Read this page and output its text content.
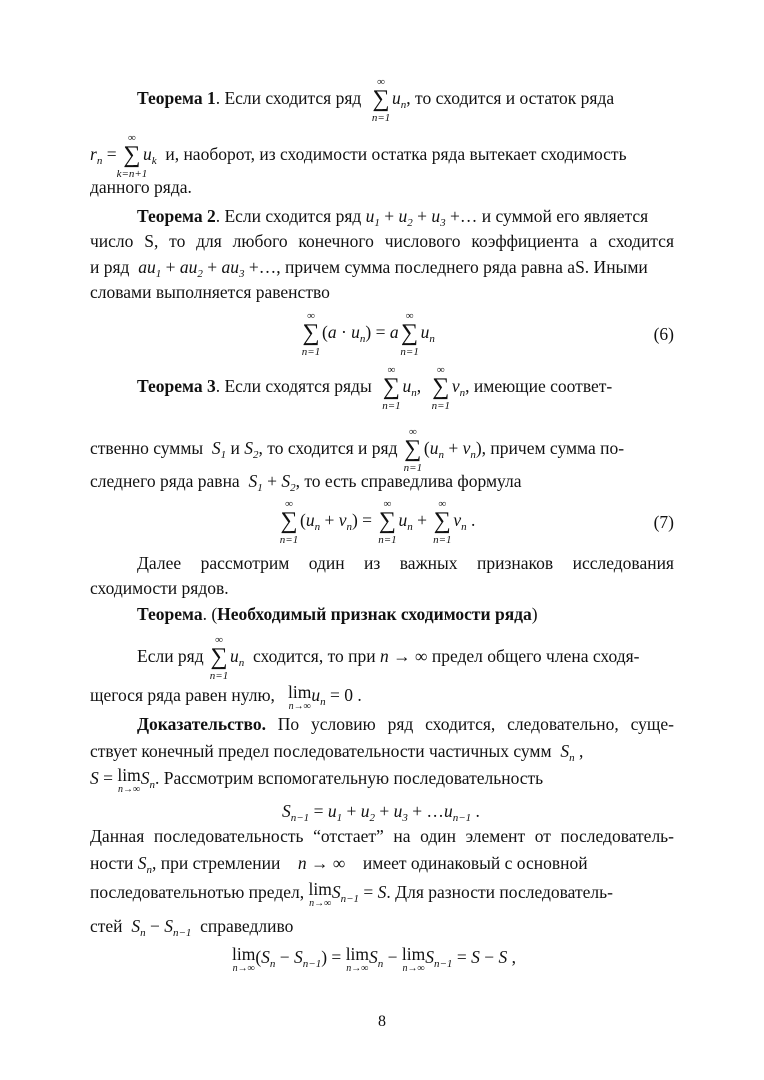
Теорема 1. Если сходится ряд
∞
∑
n=1
$u_n$, то сходится и остаток ряда
$r_n$ =
∞
∑
k=n+1
$u_k$ и, наоборот, из сходимости остатка ряда вытекает сходимость
данного ряда.
Теорема 2. Если сходится ряд $u_1 + u_2 + u_3$ +… и суммой его является
число S, то для любого конечного числового коэффициента a сходится
и ряд $au_1 + au_2 + au_3$ +…, причем сумма последнего ряда равна aS. Иными
словами выполняется равенство
∞
∑
n=1
$(a \cdot u_n) = a$
∞
∑
n=1
$u_n$	(6)
Теорема 3. Если сходятся ряды
∞
∑
n=1
$u_n$,
∞
∑
n=1
$v_n$, имеющие соответ-
ственно суммы $S_1$ и $S_2$, то сходится и ряд
∞
∑
n=1
$(u_n + v_n)$, причем сумма по-
следнего ряда равна $S_1 + S_2$, то есть справедлива формула
∞
∑
n=1
$(u_n + v_n)$ =
∞
∑
n=1
$u_n$ +
∞
∑
n=1
$v_n$ .	(7)
Далее рассмотрим один из важных признаков исследования
сходимости рядов.
Теорема. (Необходимый признак сходимости ряда)
Если ряд
∞
∑
n=1
$u_n$ сходится, то при n → ∞ предел общего члена сходя-
щегося ряда равен нулю, lim
n→∞
$u_n = 0$ .
Доказательство. По условию ряд сходится, следовательно, суще-
ствует конечный предел последовательности частичных сумм $S_n$ ,
S = lim
n→∞
$S_n$. Рассмотрим вспомогательную последовательность
$S_{n-1} = u_1 + u_2 + u_3$ + $\dots u_{n-1}$ .
Данная последовательность “отстает” на один элемент от последователь-
ности $S_n$, при стремлении n → ∞    имеет одинаковый с основной
последовательнотью предел, lim
n→∞
$S_{n-1} = S$. Для разности последователь-
стей $S_n - S_{n-1}$ справедливо
lim
n→∞
$(S_n - S_{n-1}) = \lim$
n→∞
$S_n - \lim$
n→∞
$S_{n-1} = S - S$ ,
8
